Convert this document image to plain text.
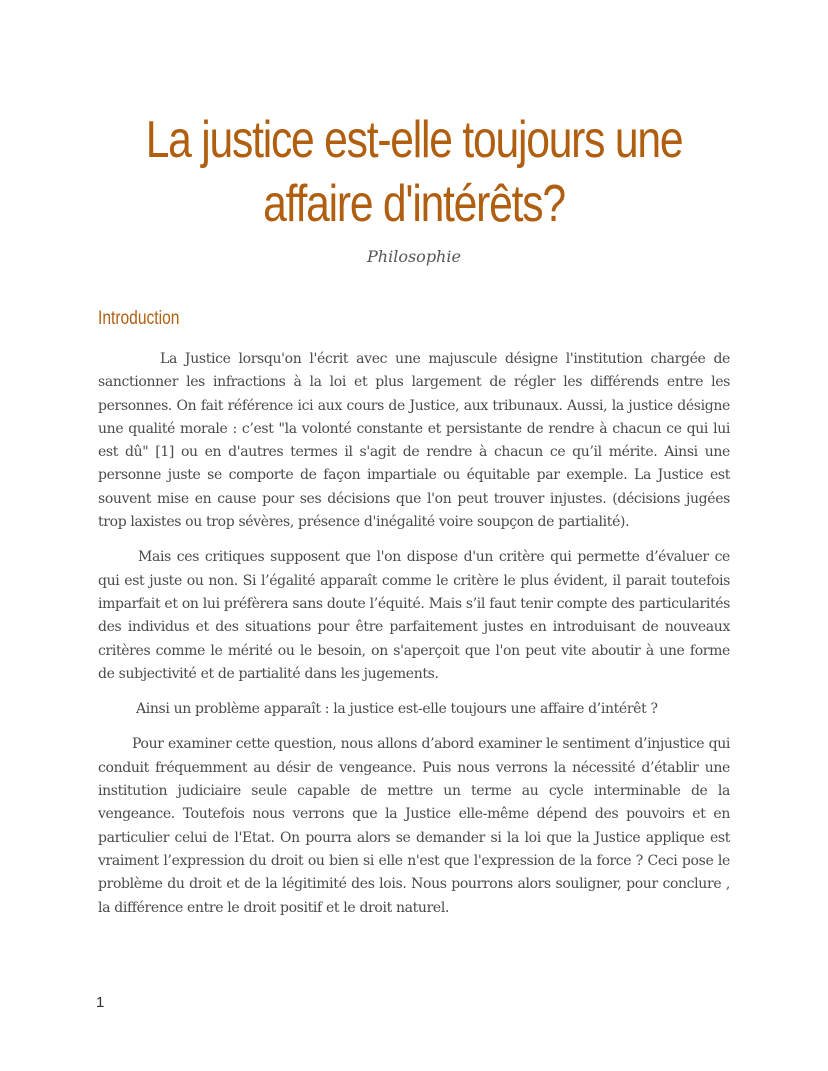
La justice est-elle toujours une affaire d'intérêts?
Philosophie
Introduction

La Justice lorsqu'on l'écrit avec une majuscule désigne l'institution chargée de sanctionner les infractions à la loi et plus largement de régler les différends entre les personnes. On fait référence ici aux cours de Justice, aux tribunaux. Aussi, la justice désigne une qualité morale : c’est "la volonté constante et persistante de rendre à chacun ce qui lui est dû" [1] ou en d'autres termes il s'agit de rendre à chacun ce qu’il mérite. Ainsi une personne juste se comporte de façon impartiale ou équitable par exemple. La Justice est souvent mise en cause pour ses décisions que l'on peut trouver injustes. (décisions jugées trop laxistes ou trop sévères, présence d'inégalité voire soupçon de partialité).

Mais ces critiques supposent que l'on dispose d'un critère qui permette d’évaluer ce qui est juste ou non. Si l’égalité apparaît comme le critère le plus évident, il parait toutefois imparfait et on lui préfèrera sans doute l’équité. Mais s’il faut tenir compte des particularités des individus et des situations pour être parfaitement justes en introduisant de nouveaux critères comme le mérité ou le besoin, on s'aperçoit que l'on peut vite aboutir à une forme de subjectivité et de partialité dans les jugements.

Ainsi un problème apparaît : la justice est-elle toujours une affaire d’intérêt ?

Pour examiner cette question, nous allons d’abord examiner le sentiment d’injustice qui conduit fréquemment au désir de vengeance. Puis nous verrons la nécessité d’établir une institution judiciaire seule capable de mettre un terme au cycle interminable de la vengeance. Toutefois nous verrons que la Justice elle-même dépend des pouvoirs et en particulier celui de l'Etat. On pourra alors se demander si la loi que la Justice applique est vraiment l’expression du droit ou bien si elle n'est que l'expression de la force ? Ceci pose le problème du droit et de la légitimité des lois. Nous pourrons alors souligner, pour conclure , la différence entre le droit positif et le droit naturel.

1
